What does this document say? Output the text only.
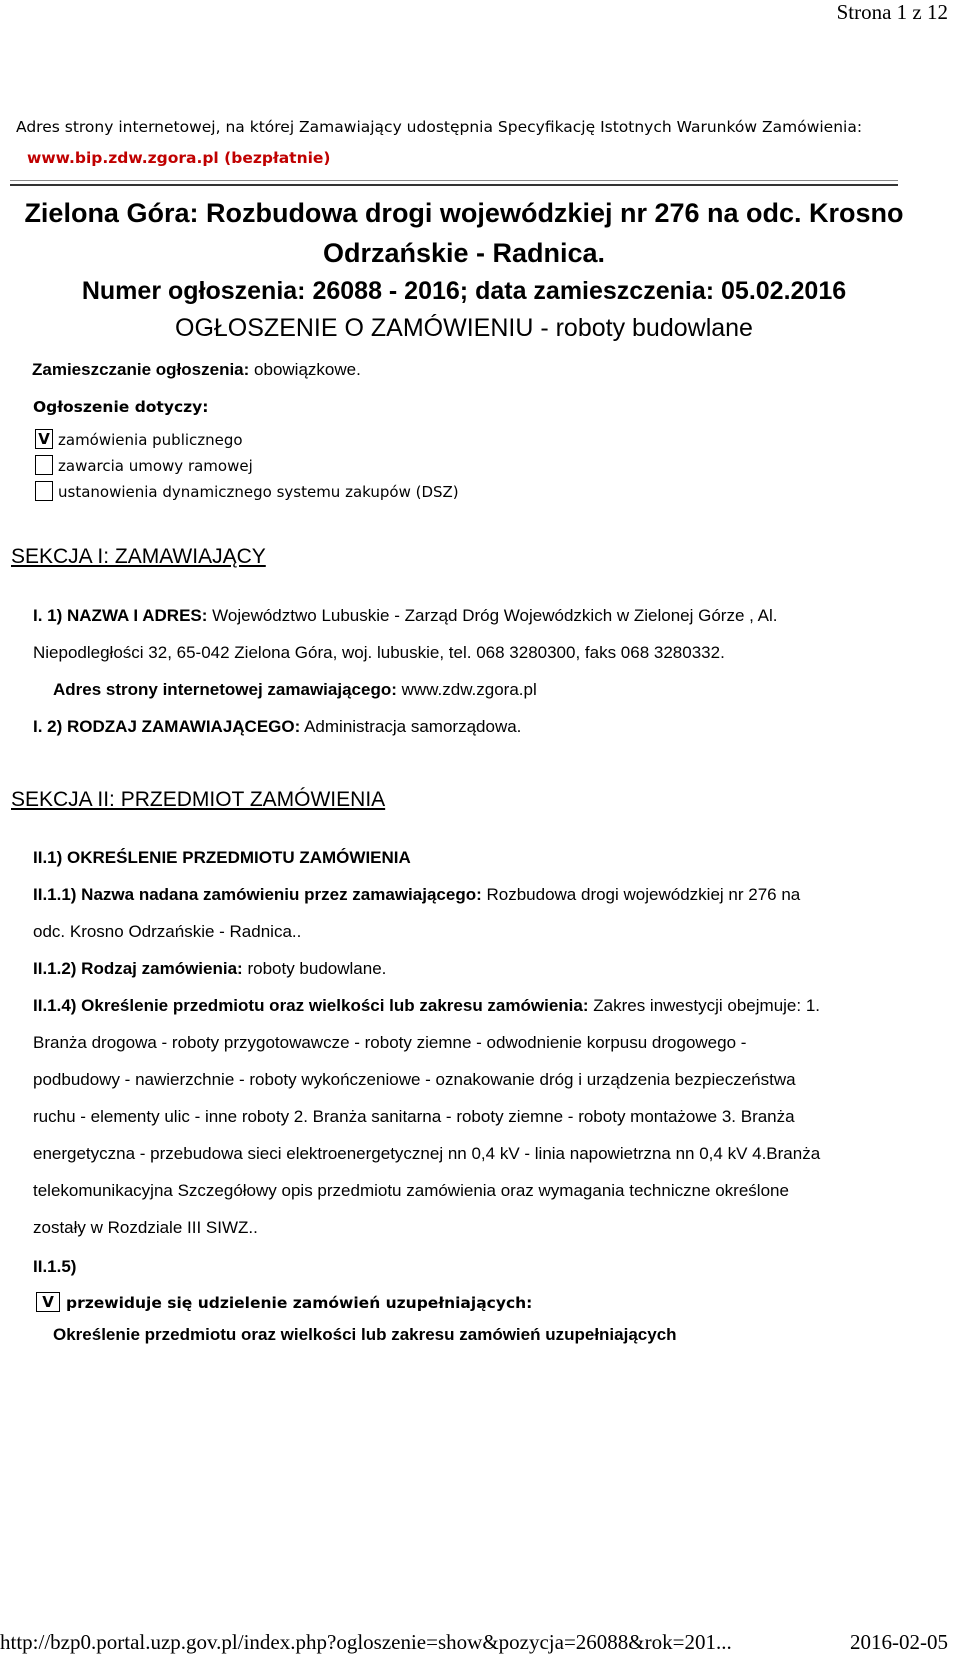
Strona 1 z 12
Adres strony internetowej, na której Zamawiający udostępnia Specyfikację Istotnych Warunków Zamówienia:
www.bip.zdw.zgora.pl (bezpłatnie)
Zielona Góra: Rozbudowa drogi wojewódzkiej nr 276 na odc. Krosno
Odrzańskie - Radnica.
Numer ogłoszenia: 26088 - 2016; data zamieszczenia: 05.02.2016
OGŁOSZENIE O ZAMÓWIENIU - roboty budowlane
Zamieszczanie ogłoszenia: obowiązkowe.
Ogłoszenie dotyczy:
V zamówienia publicznego
zawarcia umowy ramowej
ustanowienia dynamicznego systemu zakupów (DSZ)
SEKCJA I: ZAMAWIAJĄCY
I. 1) NAZWA I ADRES: Województwo Lubuskie - Zarząd Dróg Wojewódzkich w Zielonej Górze , Al.
Niepodległości 32, 65-042 Zielona Góra, woj. lubuskie, tel. 068 3280300, faks 068 3280332.
Adres strony internetowej zamawiającego: www.zdw.zgora.pl
I. 2) RODZAJ ZAMAWIAJĄCEGO: Administracja samorządowa.
SEKCJA II: PRZEDMIOT ZAMÓWIENIA
II.1) OKREŚLENIE PRZEDMIOTU ZAMÓWIENIA
II.1.1) Nazwa nadana zamówieniu przez zamawiającego: Rozbudowa drogi wojewódzkiej nr 276 na
odc. Krosno Odrzańskie - Radnica..
II.1.2) Rodzaj zamówienia: roboty budowlane.
II.1.4) Określenie przedmiotu oraz wielkości lub zakresu zamówienia: Zakres inwestycji obejmuje: 1.
Branża drogowa - roboty przygotowawcze - roboty ziemne - odwodnienie korpusu drogowego -
podbudowy - nawierzchnie - roboty wykończeniowe - oznakowanie dróg i urządzenia bezpieczeństwa
ruchu - elementy ulic - inne roboty 2. Branża sanitarna - roboty ziemne - roboty montażowe 3. Branża
energetyczna - przebudowa sieci elektroenergetycznej nn 0,4 kV - linia napowietrzna nn 0,4 kV 4.Branża
telekomunikacyjna Szczegółowy opis przedmiotu zamówienia oraz wymagania techniczne określone
zostały w Rozdziale III SIWZ..
II.1.5)
V przewiduje się udzielenie zamówień uzupełniających:
Określenie przedmiotu oraz wielkości lub zakresu zamówień uzupełniających
http://bzp0.portal.uzp.gov.pl/index.php?ogloszenie=show&pozycja=26088&rok=201...	2016-02-05
